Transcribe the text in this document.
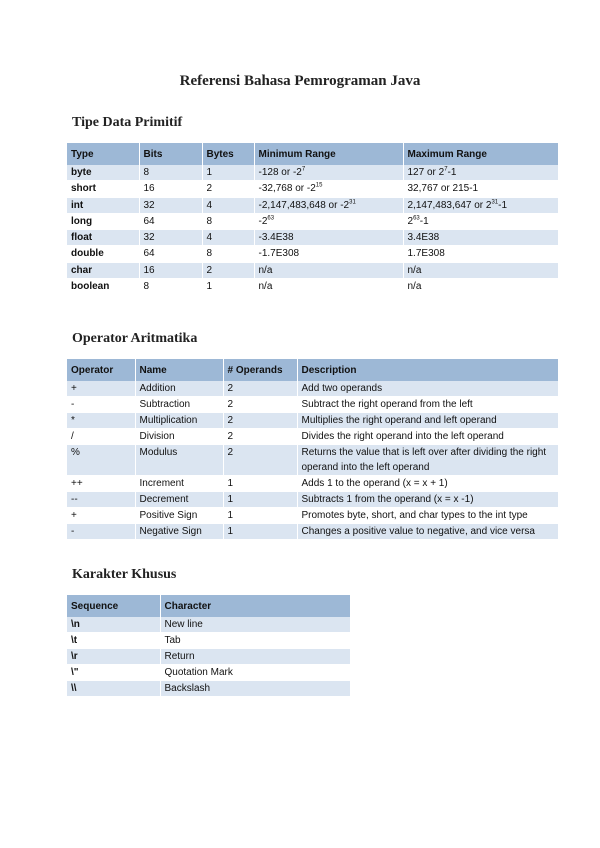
Referensi Bahasa Pemrograman Java
Tipe Data Primitif
Type	Bits	Bytes	Minimum Range	Maximum Range
byte	8	1	-128 or $-2^7$	127 or $2^7-1$
short	16	2	-32,768 or $-2^{15}$	32,767 or 215-1
int	32	4	-2,147,483,648 or $-2^{31}$	2,147,483,647 or $2^{31}-1$
long	64	8	$-2^{63}$	$2^{63}-1$
float	32	4	-3.4E38	3.4E38
double	64	8	-1.7E308	1.7E308
char	16	2	n/a	n/a
boolean	8	1	n/a	n/a
Operator Aritmatika
Operator	Name	# Operands	Description
+	Addition	2	Add two operands
-	Subtraction	2	Subtract the right operand from the left
*	Multiplication	2	Multiplies the right operand and left operand
/	Division	2	Divides the right operand into the left operand
%	Modulus	2	Returns the value that is left over after dividing the right operand into the left operand
++	Increment	1	Adds 1 to the operand (x = x + 1)
--	Decrement	1	Subtracts 1 from the operand (x = x -1)
+	Positive Sign	1	Promotes byte, short, and char types to the int type
-	Negative Sign	1	Changes a positive value to negative, and vice versa
Karakter Khusus
Sequence	Character
\n	New line
\t	Tab
\r	Return
\"	Quotation Mark
\\	Backslash
